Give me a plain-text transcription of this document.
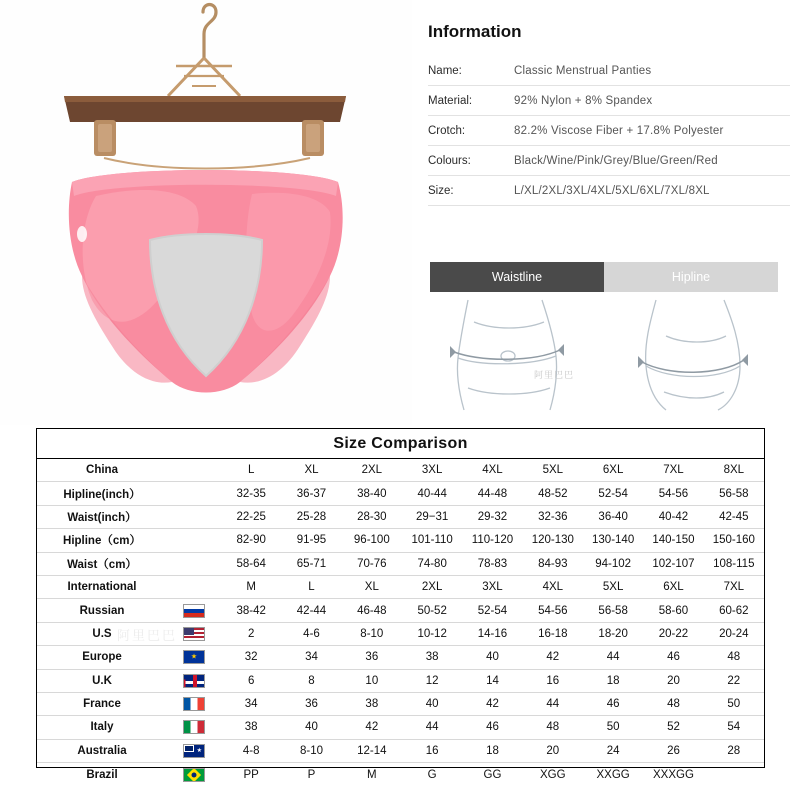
Information
Name:	Classic Menstrual Panties
Material:	92% Nylon + 8% Spandex
Crotch:	82.2% Viscose Fiber + 17.8% Polyester
Colours:	Black/Wine/Pink/Grey/Blue/Green/Red
Size:	L/XL/2XL/3XL/4XL/5XL/6XL/7XL/8XL
Waistline	Hipline
阿里巴巴
Size Comparison
阿里巴巴
China		L	XL	2XL	3XL	4XL	5XL	6XL	7XL	8XL
Hipline(inch）		32-35	36-37	38-40	40-44	44-48	48-52	52-54	54-56	56-58
Waist(inch）		22-25	25-28	28-30	29−31	29-32	32-36	36-40	40-42	42-45
Hipline（cm）		82-90	91-95	96-100	101-110	110-120	120-130	130-140	140-150	150-160
Waist（cm）		58-64	65-71	70-76	74-80	78-83	84-93	94-102	102-107	108-115
International		M	L	XL	2XL	3XL	4XL	5XL	6XL	7XL
Russian		38-42	42-44	46-48	50-52	52-54	54-56	56-58	58-60	60-62
U.S		2	4-6	8-10	10-12	14-16	16-18	18-20	20-22	20-24
Europe	★	32	34	36	38	40	42	44	46	48
U.K		6	8	10	12	14	16	18	20	22
France		34	36	38	40	42	44	46	48	50
Italy		38	40	42	44	46	48	50	52	54
Australia	★	4-8	8-10	12-14	16	18	20	24	26	28
Brazil		PP	P	M	G	GG	XGG	XXGG	XXXGG	
